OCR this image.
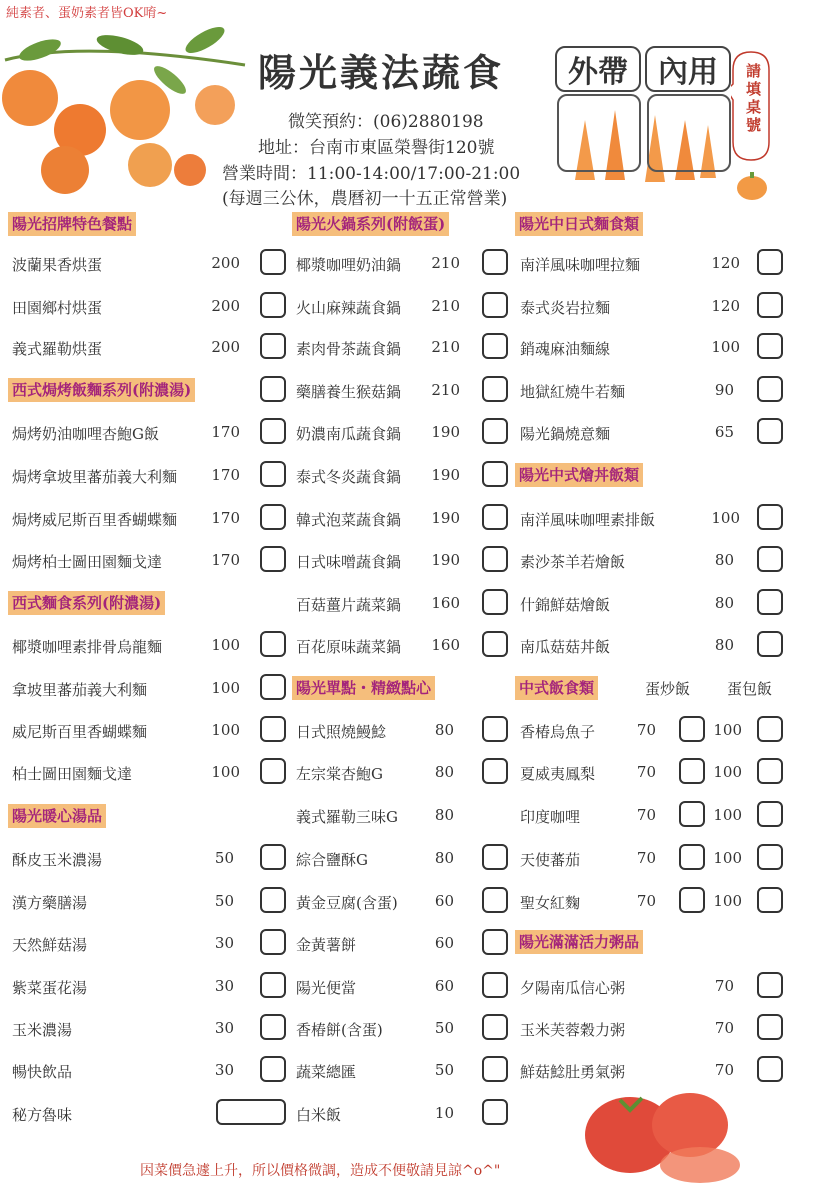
純素者、蛋奶素者皆OK唷~
陽光義法蔬食
微笑預約：(06)2880198
地址：台南市東區榮譽街120號
營業時間：11:00-14:00/17:00-21:00
(每週三公休，農曆初一十五正常營業)
外帶	內用	請填桌號
陽光招牌特色餐點
西式焗烤飯麵系列(附濃湯)
西式麵食系列(附濃湯)
陽光暖心湯品
陽光火鍋系列(附飯蛋)
陽光單點・精緻點心
陽光中日式麵食類
陽光中式燴丼飯類
中式飯食類
陽光滿滿活力粥品
蛋炒飯 蛋包飯
波蘭果香烘蛋	200
田園鄉村烘蛋	200
義式羅勒烘蛋	200
焗烤奶油咖哩杏鮑G飯	170
焗烤拿坡里蕃茄義大利麵	170
焗烤威尼斯百里香蝴蝶麵	170
焗烤柏士圖田園麵戈達	170
椰漿咖哩素排骨烏龍麵	100
拿坡里蕃茄義大利麵	100
威尼斯百里香蝴蝶麵	100
柏士圖田園麵戈達	100
酥皮玉米濃湯	50
漢方藥膳湯	50
天然鮮菇湯	30
紫菜蛋花湯	30
玉米濃湯	30
暢快飲品	30
秘方魯味
椰漿咖哩奶油鍋	210
火山麻辣蔬食鍋	210
素肉骨茶蔬食鍋	210
藥膳養生猴菇鍋	210
奶濃南瓜蔬食鍋	190
泰式冬炎蔬食鍋	190
韓式泡菜蔬食鍋	190
日式味噌蔬食鍋	190
百菇薑片蔬菜鍋	160
百花原味蔬菜鍋	160
日式照燒鰻鯰	80
左宗棠杏鮑G	80
義式羅勒三味G	80
綜合鹽酥G	80
黃金豆腐(含蛋)	60
金黃薯餅	60
陽光便當	60
香椿餅(含蛋)	50
蔬菜總匯	50
白米飯	10
南洋風味咖哩拉麵	120
泰式炎岩拉麵	120
銷魂麻油麵線	100
地獄紅燒牛若麵	90
陽光鍋燒意麵	65
南洋風味咖哩素排飯	100
素沙茶羊若燴飯	80
什錦鮮菇燴飯	80
南瓜菇菇丼飯	80
香椿烏魚子	70	100
夏威夷鳳梨	70	100
印度咖哩	70	100
天使蕃茄	70	100
聖女紅麴	70	100
夕陽南瓜信心粥	70
玉米芙蓉穀力粥	70
鮮菇鯰肚勇氣粥	70
因菜價急遽上升，所以價格微調，造成不便敬請見諒^o^"
